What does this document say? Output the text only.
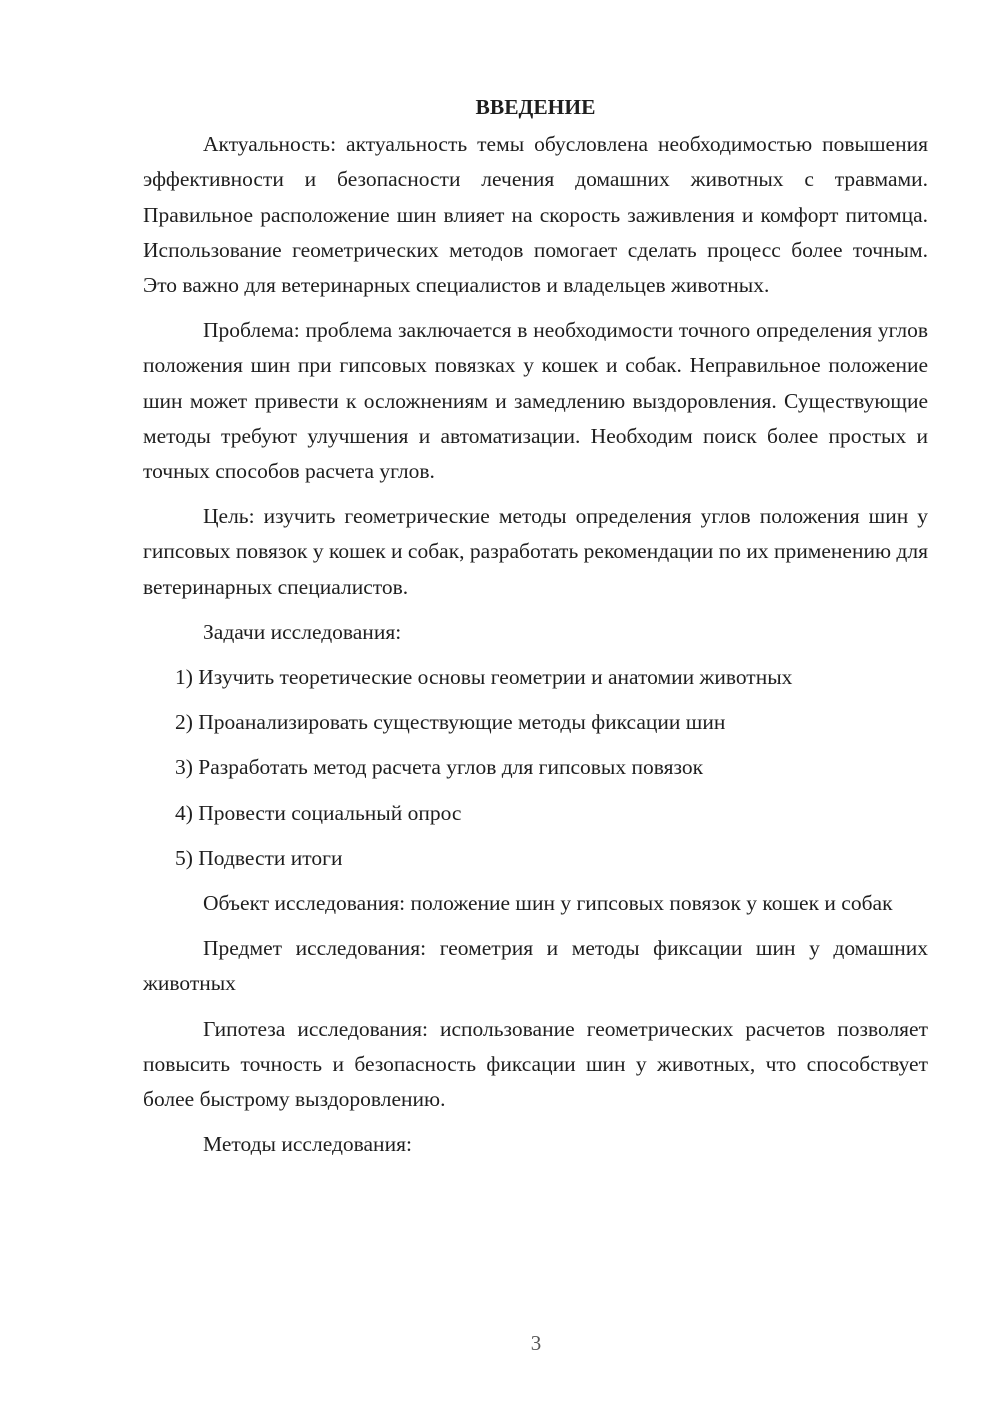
ВВЕДЕНИЕ

Актуальность: актуальность темы обусловлена необходимостью повышения эффективности и безопасности лечения домашних животных с травмами. Правильное расположение шин влияет на скорость заживления и комфорт питомца. Использование геометрических методов помогает сделать процесс более точным. Это важно для ветеринарных специалистов и владельцев животных.

Проблема: проблема заключается в необходимости точного определения углов положения шин при гипсовых повязках у кошек и собак. Неправильное положение шин может привести к осложнениям и замедлению выздоровления. Существующие методы требуют улучшения и автоматизации. Необходим поиск более простых и точных способов расчета углов.

Цель: изучить геометрические методы определения углов положения шин у гипсовых повязок у кошек и собак, разработать рекомендации по их применению для ветеринарных специалистов.

Задачи исследования:

1) Изучить теоретические основы геометрии и анатомии животных
2) Проанализировать существующие методы фиксации шин
3) Разработать метод расчета углов для гипсовых повязок
4) Провести социальный опрос
5) Подвести итоги

Объект исследования: положение шин у гипсовых повязок у кошек и собак

Предмет исследования: геометрия и методы фиксации шин у домашних животных

Гипотеза исследования: использование геометрических расчетов позволяет повысить точность и безопасность фиксации шин у животных, что способствует более быстрому выздоровлению.

Методы исследования:

3
